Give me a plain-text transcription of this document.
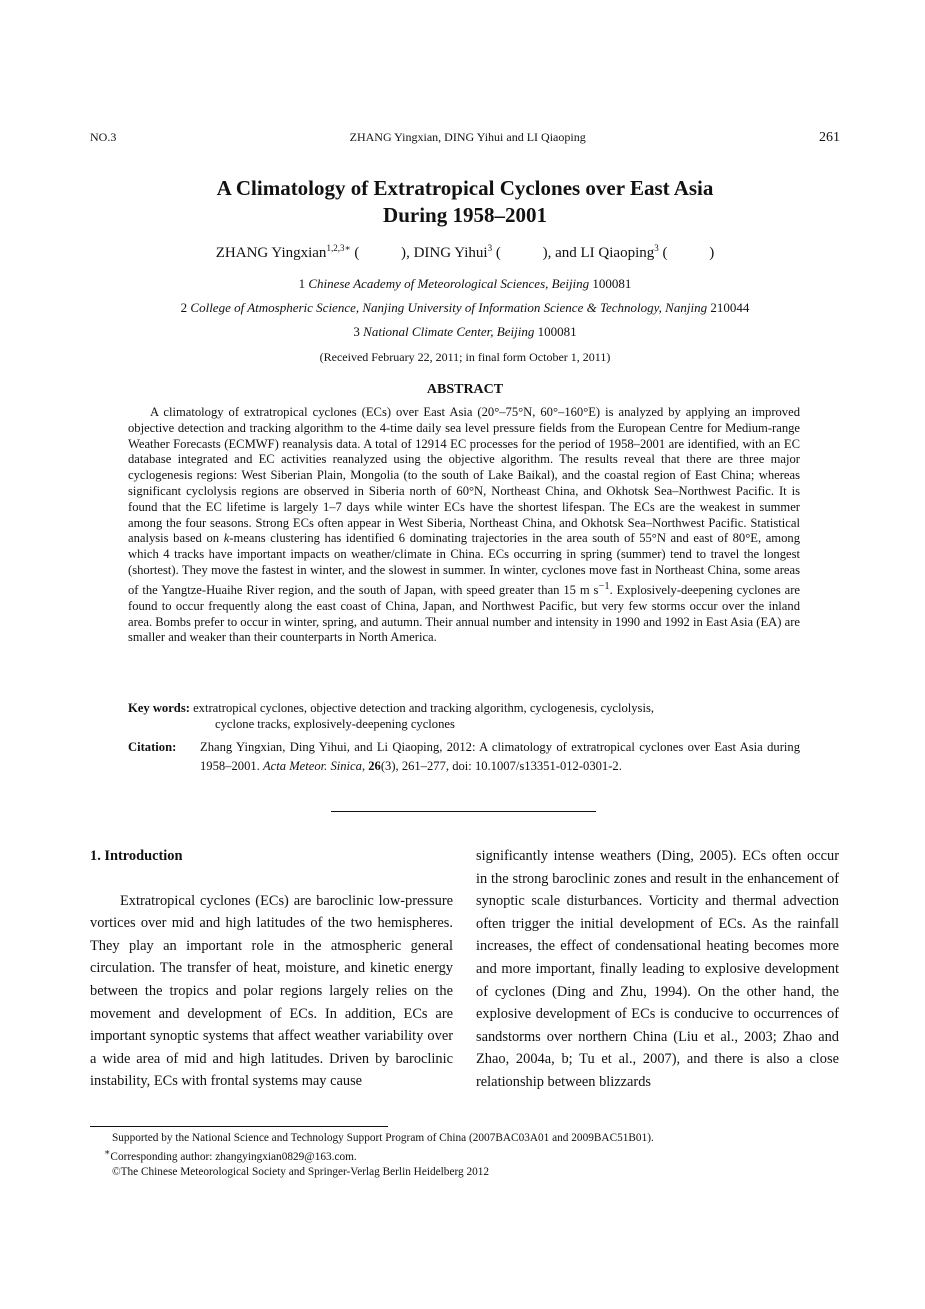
NO.3	ZHANG Yingxian, DING Yihui and LI Qiaoping	261
A Climatology of Extratropical Cyclones over East Asia
During 1958–2001
ZHANG Yingxian$^{1,2,3∗}$ ( ), DING Yihui$^3$ ( ), and LI Qiaoping$^3$ ( )
1 Chinese Academy of Meteorological Sciences, Beijing 100081
2 College of Atmospheric Science, Nanjing University of Information Science & Technology, Nanjing 210044
3 National Climate Center, Beijing 100081
(Received February 22, 2011; in final form October 1, 2011)
ABSTRACT
A climatology of extratropical cyclones (ECs) over East Asia (20°–75°N, 60°–160°E) is analyzed by applying an improved objective detection and tracking algorithm to the 4-time daily sea level pressure fields from the European Centre for Medium-range Weather Forecasts (ECMWF) reanalysis data. A total of 12914 EC processes for the period of 1958–2001 are identified, with an EC database integrated and EC activities reanalyzed using the objective algorithm. The results reveal that there are three major cyclogenesis regions: West Siberian Plain, Mongolia (to the south of Lake Baikal), and the coastal region of East China; whereas significant cyclolysis regions are observed in Siberia north of 60°N, Northeast China, and Okhotsk Sea–Northwest Pacific. It is found that the EC lifetime is largely 1–7 days while winter ECs have the shortest lifespan. The ECs are the weakest in summer among the four seasons. Strong ECs often appear in West Siberia, Northeast China, and Okhotsk Sea–Northwest Pacific. Statistical analysis based on k-means clustering has identified 6 dominating trajectories in the area south of 55°N and east of 80°E, among which 4 tracks have important impacts on weather/climate in China. ECs occurring in spring (summer) tend to travel the longest (shortest). They move the fastest in winter, and the slowest in summer. In winter, cyclones move fast in Northeast China, some areas of the Yangtze-Huaihe River region, and the south of Japan, with speed greater than 15 m $s^{-1}$. Explosively-deepening cyclones are found to occur frequently along the east coast of China, Japan, and Northwest Pacific, but very few storms occur over the inland area. Bombs prefer to occur in winter, spring, and autumn. Their annual number and intensity in 1990 and 1992 in East Asia (EA) are smaller and weaker than their counterparts in North America.
Key words: extratropical cyclones, objective detection and tracking algorithm, cyclogenesis, cyclolysis,
cyclone tracks, explosively-deepening cyclones
Citation:	Zhang Yingxian, Ding Yihui, and Li Qiaoping, 2012: A climatology of extratropical cyclones over East Asia during 1958–2001. Acta Meteor. Sinica, 26(3), 261–277, doi: 10.1007/s13351-012-0301-2.
1. Introduction

Extratropical cyclones (ECs) are baroclinic low-pressure vortices over mid and high latitudes of the two hemispheres. They play an important role in the atmospheric general circulation. The transfer of heat, moisture, and kinetic energy between the tropics and polar regions largely relies on the movement and development of ECs. In addition, ECs are important synoptic systems that affect weather variability over a wide area of mid and high latitudes. Driven by baroclinic instability, ECs with frontal systems may cause

significantly intense weathers (Ding, 2005). ECs often occur in the strong baroclinic zones and result in the enhancement of synoptic scale disturbances. Vorticity and thermal advection often trigger the initial development of ECs. As the rainfall increases, the effect of condensational heating becomes more and more important, finally leading to explosive development of cyclones (Ding and Zhu, 1994). On the other hand, the explosive development of ECs is conducive to occurrences of sandstorms over northern China (Liu et al., 2003; Zhao and Zhao, 2004a, b; Tu et al., 2007), and there is also a close relationship between blizzards

Supported by the National Science and Technology Support Program of China (2007BAC03A01 and 2009BAC51B01).
∗Corresponding author: zhangyingxian0829@163.com.
©The Chinese Meteorological Society and Springer-Verlag Berlin Heidelberg 2012
